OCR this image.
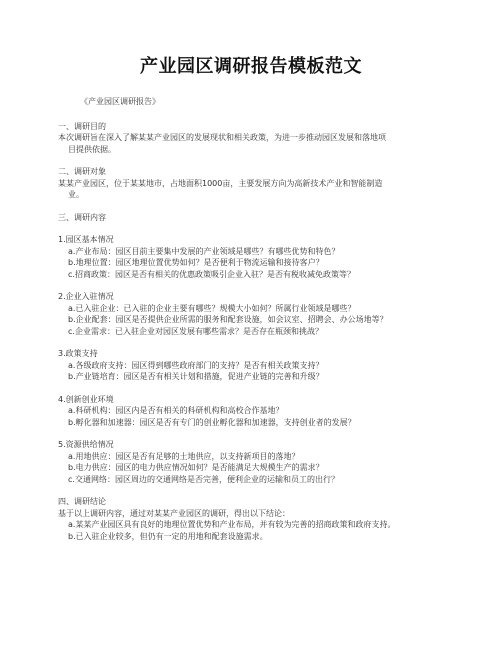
产业园区调研报告模板范文
《产业园区调研报告》
一、调研目的
本次调研旨在深入了解某某产业园区的发展现状和相关政策，为进一步推动园区发展和落地项
目提供依据。
二、调研对象
某某产业园区，位于某某地市，占地面积1000亩，主要发展方向为高新技术产业和智能制造
业。
三、调研内容
1.园区基本情况
a.产业布局：园区目前主要集中发展的产业领域是哪些？有哪些优势和特色？
b.地理位置：园区地理位置优势如何？是否便利于物流运输和接待客户？
c.招商政策：园区是否有相关的优惠政策吸引企业入驻？是否有税收减免政策等？
2.企业入驻情况
a.已入驻企业：已入驻的企业主要有哪些？规模大小如何？所属行业领域是哪些？
b.企业配套：园区是否提供企业所需的服务和配套设施，如会议室、招聘会、办公场地等？
c.企业需求：已入驻企业对园区发展有哪些需求？是否存在瓶颈和挑战？
3.政策支持
a.各级政府支持：园区得到哪些政府部门的支持？是否有相关政策支持？
b.产业链培育：园区是否有相关计划和措施，促进产业链的完善和升级？
4.创新创业环境
a.科研机构：园区内是否有相关的科研机构和高校合作基地？
b.孵化器和加速器：园区是否有专门的创业孵化器和加速器，支持创业者的发展？
5.资源供给情况
a.用地供应：园区是否有足够的土地供应，以支持新项目的落地？
b.电力供应：园区的电力供应情况如何？是否能满足大规模生产的需求？
c.交通网络：园区周边的交通网络是否完善，便利企业的运输和员工的出行？
四、调研结论
基于以上调研内容，通过对某某产业园区的调研，得出以下结论：
a.某某产业园区具有良好的地理位置优势和产业布局，并有较为完善的招商政策和政府支持。
b.已入驻企业较多，但仍有一定的用地和配套设施需求。
